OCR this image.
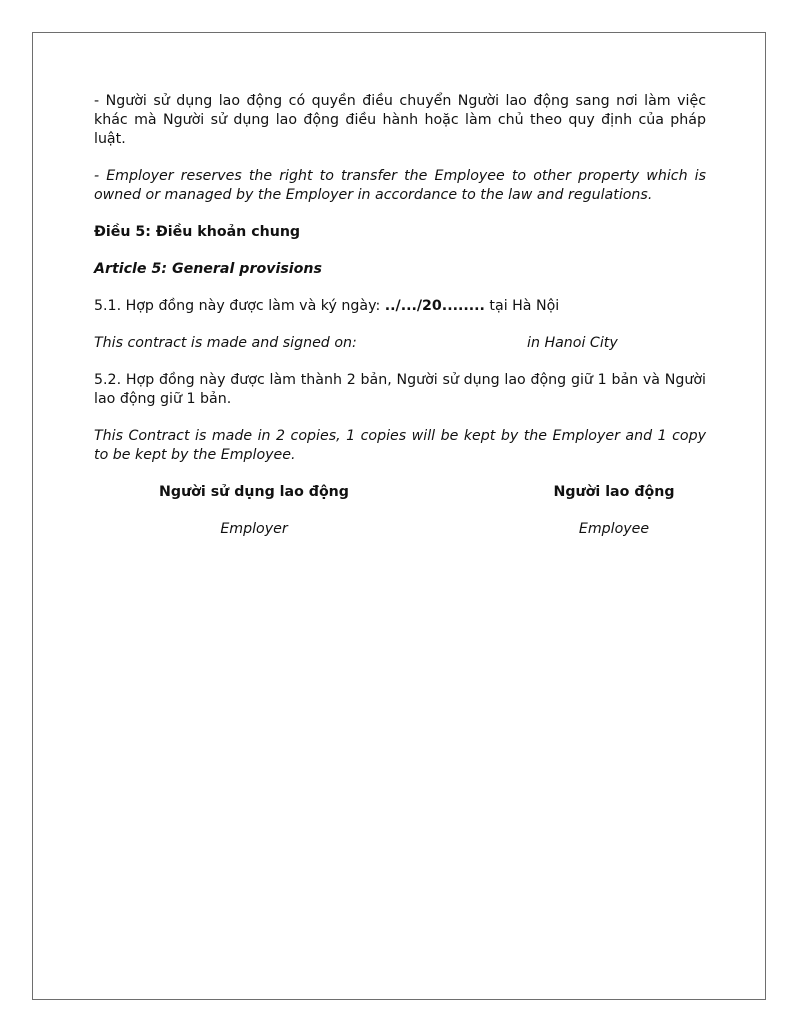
- Người sử dụng lao động có quyền điều chuyển Người lao động sang nơi làm việc khác mà Người sử dụng lao động điều hành hoặc làm chủ theo quy định của pháp luật.

- Employer reserves the right to transfer the Employee to other property which is owned or managed by the Employer in accordance to the law and regulations.

Điều 5: Điều khoản chung

Article 5: General provisions

5.1. Hợp đồng này được làm và ký ngày: ../.../20........ tại Hà Nội

This contract is made and signed on:	in Hanoi City

5.2. Hợp đồng này được làm thành 2 bản, Người sử dụng lao động giữ 1 bản và Người lao động giữ 1 bản.

This Contract is made in 2 copies, 1 copies will be kept by the Employer and 1 copy to be kept by the Employee.

Người sử dụng lao động
Employer
Người lao động
Employee
